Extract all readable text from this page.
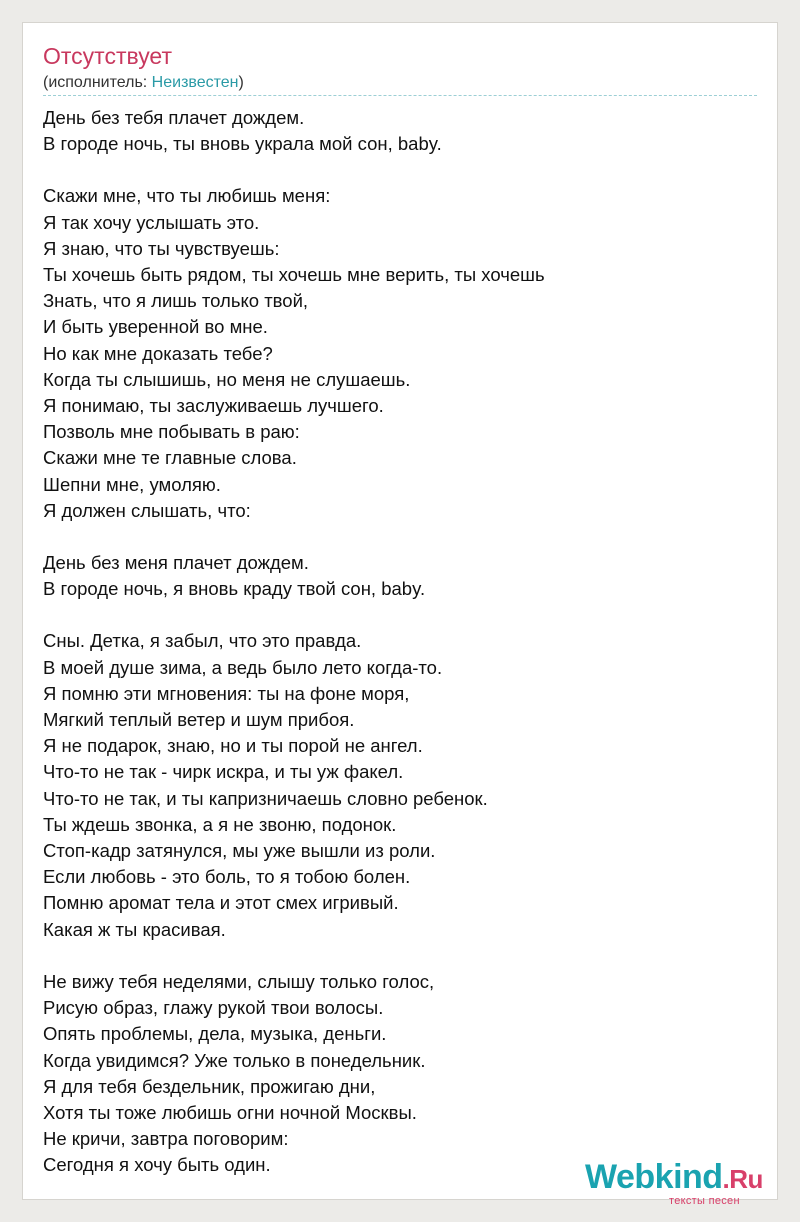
Отсутствует
(исполнитель: Неизвестен)
День без тебя плачет дождем.
В городе ночь, ты вновь украла мой сон, baby.
Скажи мне, что ты любишь меня:
Я так хочу услышать это.
Я знаю, что ты чувствуешь:
Ты хочешь быть рядом, ты хочешь мне верить, ты хочешь
Знать, что я лишь только твой,
И быть уверенной во мне.
Но как мне доказать тебе?
Когда ты слышишь, но меня не слушаешь.
Я понимаю, ты заслуживаешь лучшего.
Позволь мне побывать в раю:
Скажи мне те главные слова.
Шепни мне, умоляю.
Я должен слышать, что:
День без меня плачет дождем.
В городе ночь, я вновь краду твой сон, baby.
Сны. Детка, я забыл, что это правда.
В моей душе зима, а ведь было лето когда-то.
Я помню эти мгновения: ты на фоне моря,
Мягкий теплый ветер и шум прибоя.
Я не подарок, знаю, но и ты порой не ангел.
Что-то не так - чирк искра, и ты уж факел.
Что-то не так, и ты капризничаешь словно ребенок.
Ты ждешь звонка, а я не звоню, подонок.
Стоп-кадр затянулся, мы уже вышли из роли.
Если любовь - это боль, то я тобою болен.
Помню аромат тела и этот смех игривый.
Какая ж ты красивая.
Не вижу тебя неделями, слышу только голос,
Рисую образ, глажу рукой твои волосы.
Опять проблемы, дела, музыка, деньги.
Когда увидимся? Уже только в понедельник.
Я для тебя бездельник, прожигаю дни,
Хотя ты тоже любишь огни ночной Москвы.
Не кричи, завтра поговорим:
Сегодня я хочу быть один.	Webkind.Ru
тексты песен
